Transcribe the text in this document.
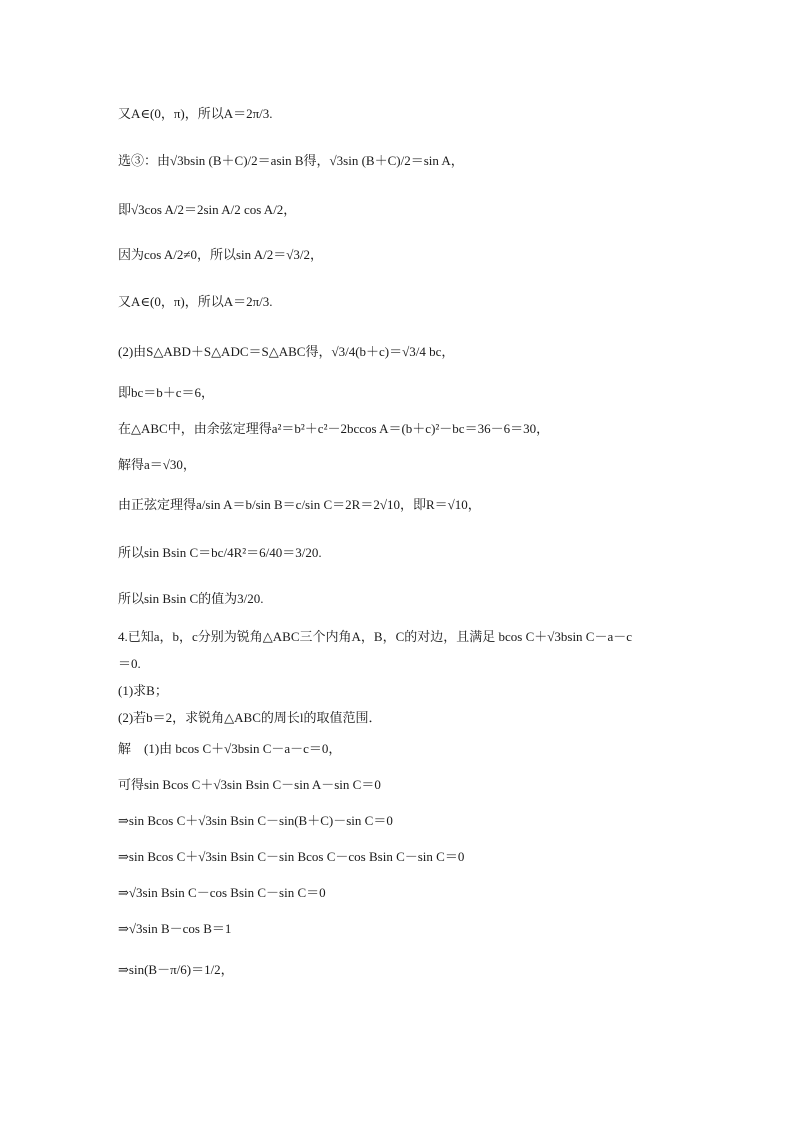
又A∈(0，π)，所以A＝2π/3.
选③：由√3bsin (B＋C)/2＝asin B得，√3sin (B＋C)/2＝sin A，
即√3cos A/2＝2sin A/2 cos A/2，
因为cos A/2≠0，所以sin A/2＝√3/2，
又A∈(0，π)，所以A＝2π/3.
(2)由S△ABD＋S△ADC＝S△ABC得，√3/4(b＋c)＝√3/4 bc，
即bc＝b＋c＝6，
在△ABC中，由余弦定理得a²＝b²＋c²－2bccos A＝(b＋c)²－bc＝36－6＝30，
解得a＝√30，
由正弦定理得a/sin A＝b/sin B＝c/sin C＝2R＝2√10，即R＝√10，
所以sin Bsin C＝bc/4R²＝6/40＝3/20.
所以sin Bsin C的值为3/20.
4.已知a，b，c分别为锐角△ABC三个内角A，B，C的对边，且满足 bcos C＋√3bsin C－a－c
＝0.
(1)求B；
(2)若b＝2，求锐角△ABC的周长l的取值范围．
解　(1)由 bcos C＋√3bsin C－a－c＝0，
可得sin Bcos C＋√3sin Bsin C－sin A－sin C＝0
⇒sin Bcos C＋√3sin Bsin C－sin(B＋C)－sin C＝0
⇒sin Bcos C＋√3sin Bsin C－sin Bcos C－cos Bsin C－sin C＝0
⇒√3sin Bsin C－cos Bsin C－sin C＝0
⇒√3sin B－cos B＝1
⇒sin(B－π/6)＝1/2，
